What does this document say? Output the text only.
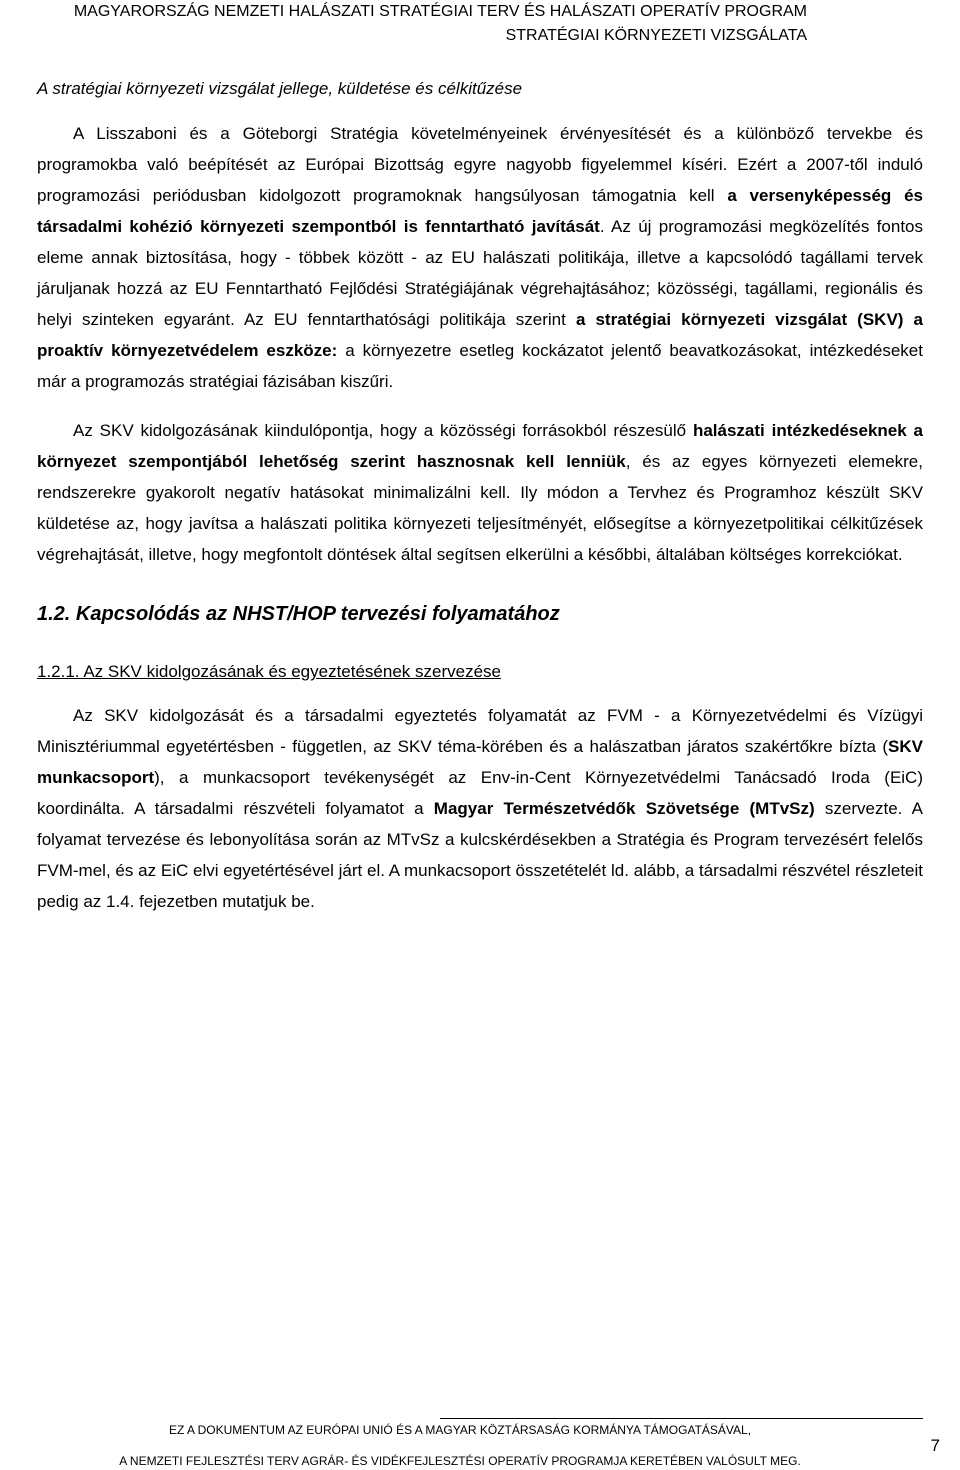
MAGYARORSZÁG NEMZETI HALÁSZATI STRATÉGIAI TERV ÉS HALÁSZATI OPERATÍV PROGRAM
STRATÉGIAI KÖRNYEZETI VIZSGÁLATA

A stratégiai környezeti vizsgálat jellege, küldetése és célkitűzése

A Lisszaboni és a Göteborgi Stratégia követelményeinek érvényesítését és a különböző tervekbe és programokba való beépítését az Európai Bizottság egyre nagyobb figyelemmel kíséri. Ezért a 2007-től induló programozási periódusban kidolgozott programoknak hangsúlyosan támogatnia kell a versenyképesség és társadalmi kohézió környezeti szempontból is fenntartható javítását. Az új programozási megközelítés fontos eleme annak biztosítása, hogy - többek között - az EU halászati politikája, illetve a kapcsolódó tagállami tervek járuljanak hozzá az EU Fenntartható Fejlődési Stratégiájának végrehajtásához; közösségi, tagállami, regionális és helyi szinteken egyaránt. Az EU fenntarthatósági politikája szerint a stratégiai környezeti vizsgálat (SKV) a proaktív környezetvédelem eszköze: a környezetre esetleg kockázatot jelentő beavatkozásokat, intézkedéseket már a programozás stratégiai fázisában kiszűri.

Az SKV kidolgozásának kiindulópontja, hogy a közösségi forrásokból részesülő halászati intézkedéseknek a környezet szempontjából lehetőség szerint hasznosnak kell lenniük, és az egyes környezeti elemekre, rendszerekre gyakorolt negatív hatásokat minimalizálni kell. Ily módon a Tervhez és Programhoz készült SKV küldetése az, hogy javítsa a halászati politika környezeti teljesítményét, elősegítse a környezetpolitikai célkitűzések végrehajtását, illetve, hogy megfontolt döntések által segítsen elkerülni a későbbi, általában költséges korrekciókat.

1.2. Kapcsolódás az NHST/HOP tervezési folyamatához

1.2.1. Az SKV kidolgozásának és egyeztetésének szervezése

Az SKV kidolgozását és a társadalmi egyeztetés folyamatát az FVM - a Környezetvédelmi és Vízügyi Minisztériummal egyetértésben - független, az SKV téma-körében és a halászatban járatos szakértőkre bízta (SKV munkacsoport), a munkacsoport tevékenységét az Env-in-Cent Környezetvédelmi Tanácsadó Iroda (EiC) koordinálta. A társadalmi részvételi folyamatot a Magyar Természetvédők Szövetsége (MTvSz) szervezte. A folyamat tervezése és lebonyolítása során az MTvSz a kulcskérdésekben a Stratégia és Program tervezésért felelős FVM-mel, és az EiC elvi egyetértésével járt el. A munkacsoport összetételét ld. alább, a társadalmi részvétel részleteit pedig az 1.4. fejezetben mutatjuk be.

EZ A DOKUMENTUM AZ EURÓPAI UNIÓ ÉS A MAGYAR KÖZTÁRSASÁG KORMÁNYA TÁMOGATÁSÁVAL,
A NEMZETI FEJLESZTÉSI TERV AGRÁR- ÉS VIDÉKFEJLESZTÉSI OPERATÍV PROGRAMJA KERETÉBEN VALÓSULT MEG.
7
